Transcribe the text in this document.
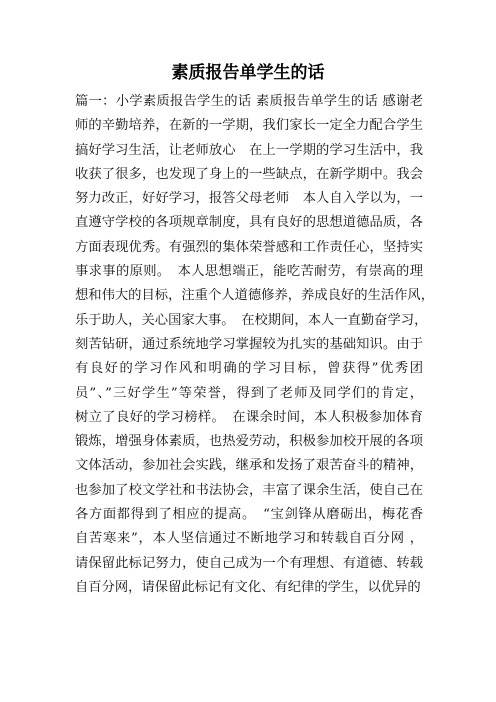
素质报告单学生的话
篇一：小学素质报告学生的话 素质报告单学生的话 感谢老
师的辛勤培养，在新的一学期，我们家长一定全力配合学生
搞好学习生活，让老师放心　在上一学期的学习生活中，我
收获了很多，也发现了身上的一些缺点，在新学期中。我会
努力改正，好好学习，报答父母老师　本人自入学以为，一
直遵守学校的各项规章制度，具有良好的思想道德品质，各
方面表现优秀。有强烈的集体荣誉感和工作责任心，坚持实
事求事的原则。　本人思想端正，能吃苦耐劳，有崇高的理
想和伟大的目标，注重个人道德修养，养成良好的生活作风，
乐于助人，关心国家大事。　在校期间，本人一直勤奋学习，
刻苦钻研，通过系统地学习掌握较为扎实的基础知识。由于
有良好的学习作风和明确的学习目标，曾获得”优秀团
员”、”三好学生”等荣誉，得到了老师及同学们的肯定，
树立了良好的学习榜样。　在课余时间，本人积极参加体育
锻炼，增强身体素质，也热爱劳动，积极参加校开展的各项
文体活动，参加社会实践，继承和发扬了艰苦奋斗的精神，
也参加了校文学社和书法协会，丰富了课余生活，使自己在
各方面都得到了相应的提高。　“宝剑锋从磨砺出，梅花香
自苦寒来”，本人坚信通过不断地学习和转载自百分网 ，
请保留此标记努力，使自己成为一个有理想、有道德、转载
自百分网，请保留此标记有文化、有纪律的学生，以优异的
